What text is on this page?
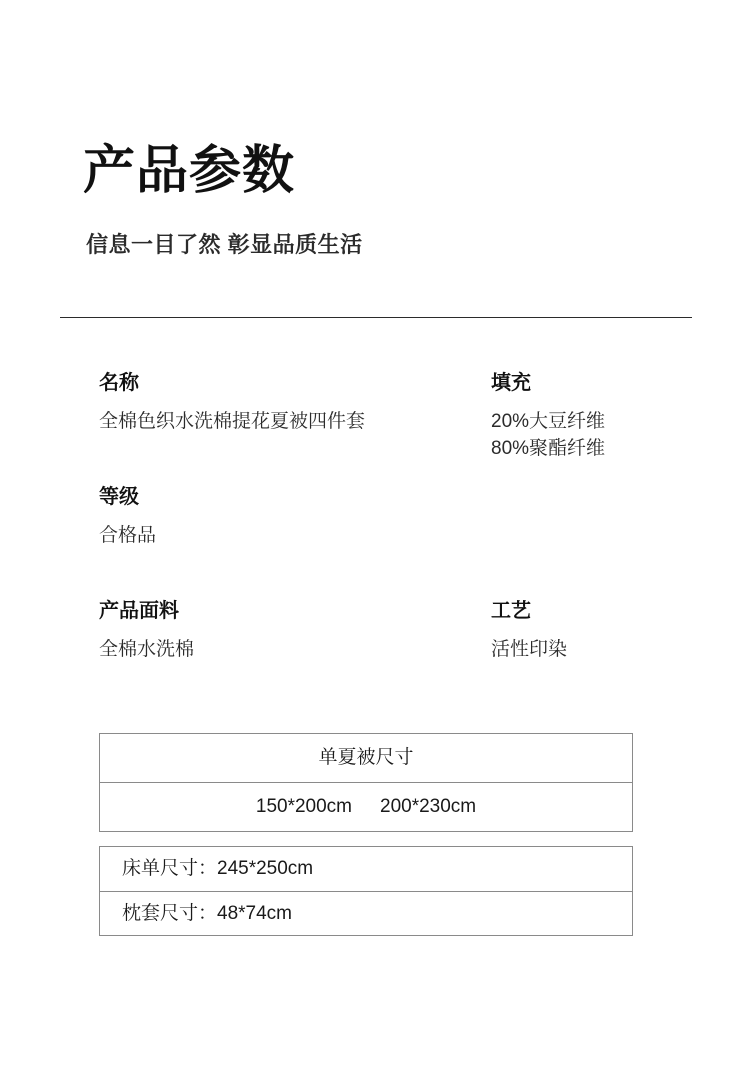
产品参数
信息一目了然 彰显品质生活
名称
全棉色织水洗棉提花夏被四件套
填充
20%大豆纤维
80%聚酯纤维
等级
合格品
产品面料
全棉水洗棉
工艺
活性印染
单夏被尺寸
150*200cm 200*230cm
床单尺寸：245*250cm
枕套尺寸：48*74cm
